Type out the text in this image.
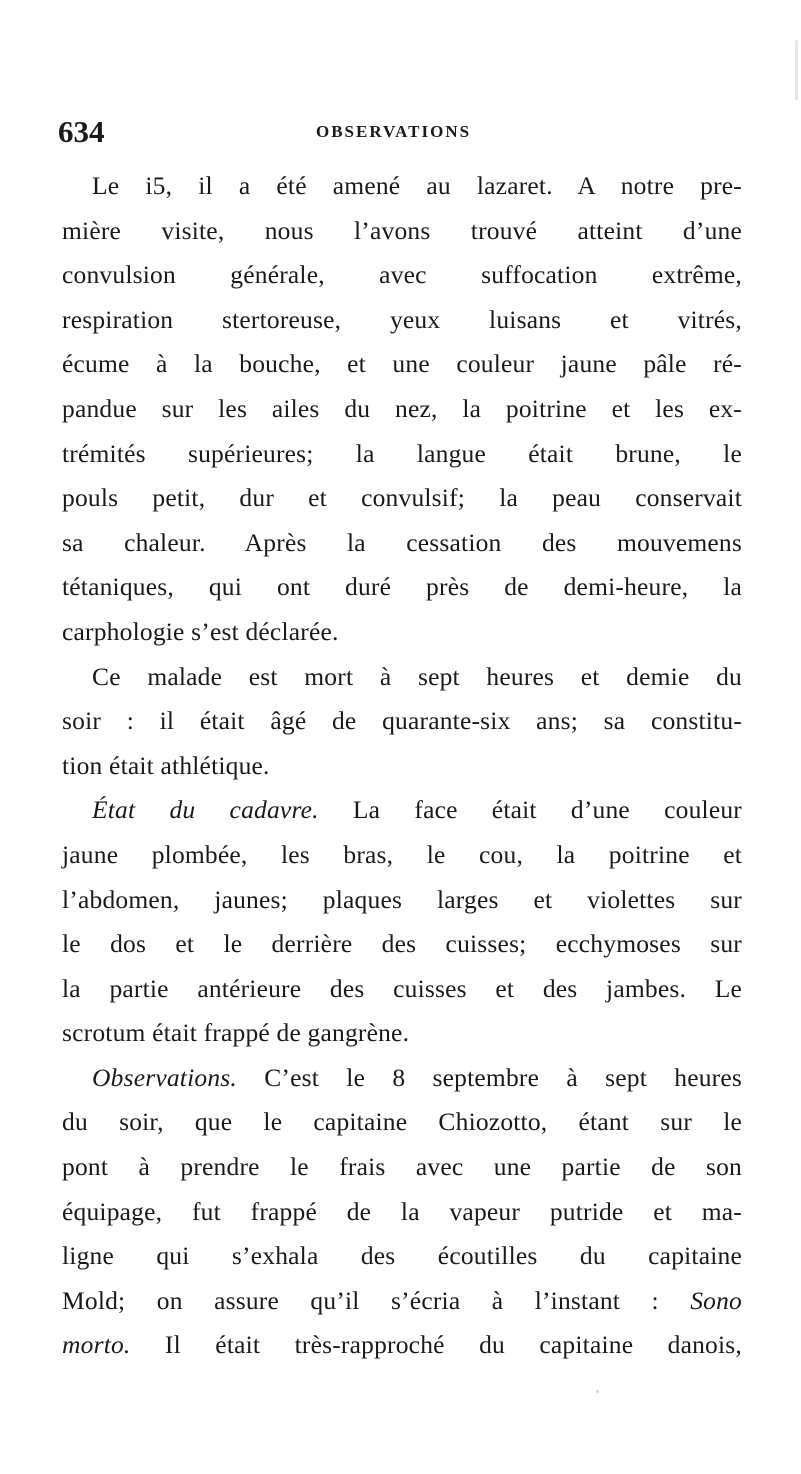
634	OBSERVATIONS
Le i5, il a été amené au lazaret. A notre pre-
mière visite, nous l’avons trouvé atteint d’une
convulsion générale, avec suffocation extrême,
respiration stertoreuse, yeux luisans et vitrés,
écume à la bouche, et une couleur jaune pâle ré-
pandue sur les ailes du nez, la poitrine et les ex-
trémités supérieures; la langue était brune, le
pouls petit, dur et convulsif; la peau conservait
sa chaleur. Après la cessation des mouvemens
tétaniques, qui ont duré près de demi-heure, la
carphologie s’est déclarée.
Ce malade est mort à sept heures et demie du
soir : il était âgé de quarante-six ans; sa constitu-
tion était athlétique.
État du cadavre. La face était d’une couleur
jaune plombée, les bras, le cou, la poitrine et
l’abdomen, jaunes; plaques larges et violettes sur
le dos et le derrière des cuisses; ecchymoses sur
la partie antérieure des cuisses et des jambes. Le
scrotum était frappé de gangrène.
Observations. C’est le 8 septembre à sept heures
du soir, que le capitaine Chiozotto, étant sur le
pont à prendre le frais avec une partie de son
équipage, fut frappé de la vapeur putride et ma-
ligne qui s’exhala des écoutilles du capitaine
Mold; on assure qu’il s’écria à l’instant : Sono
morto. Il était très-rapproché du capitaine danois,
